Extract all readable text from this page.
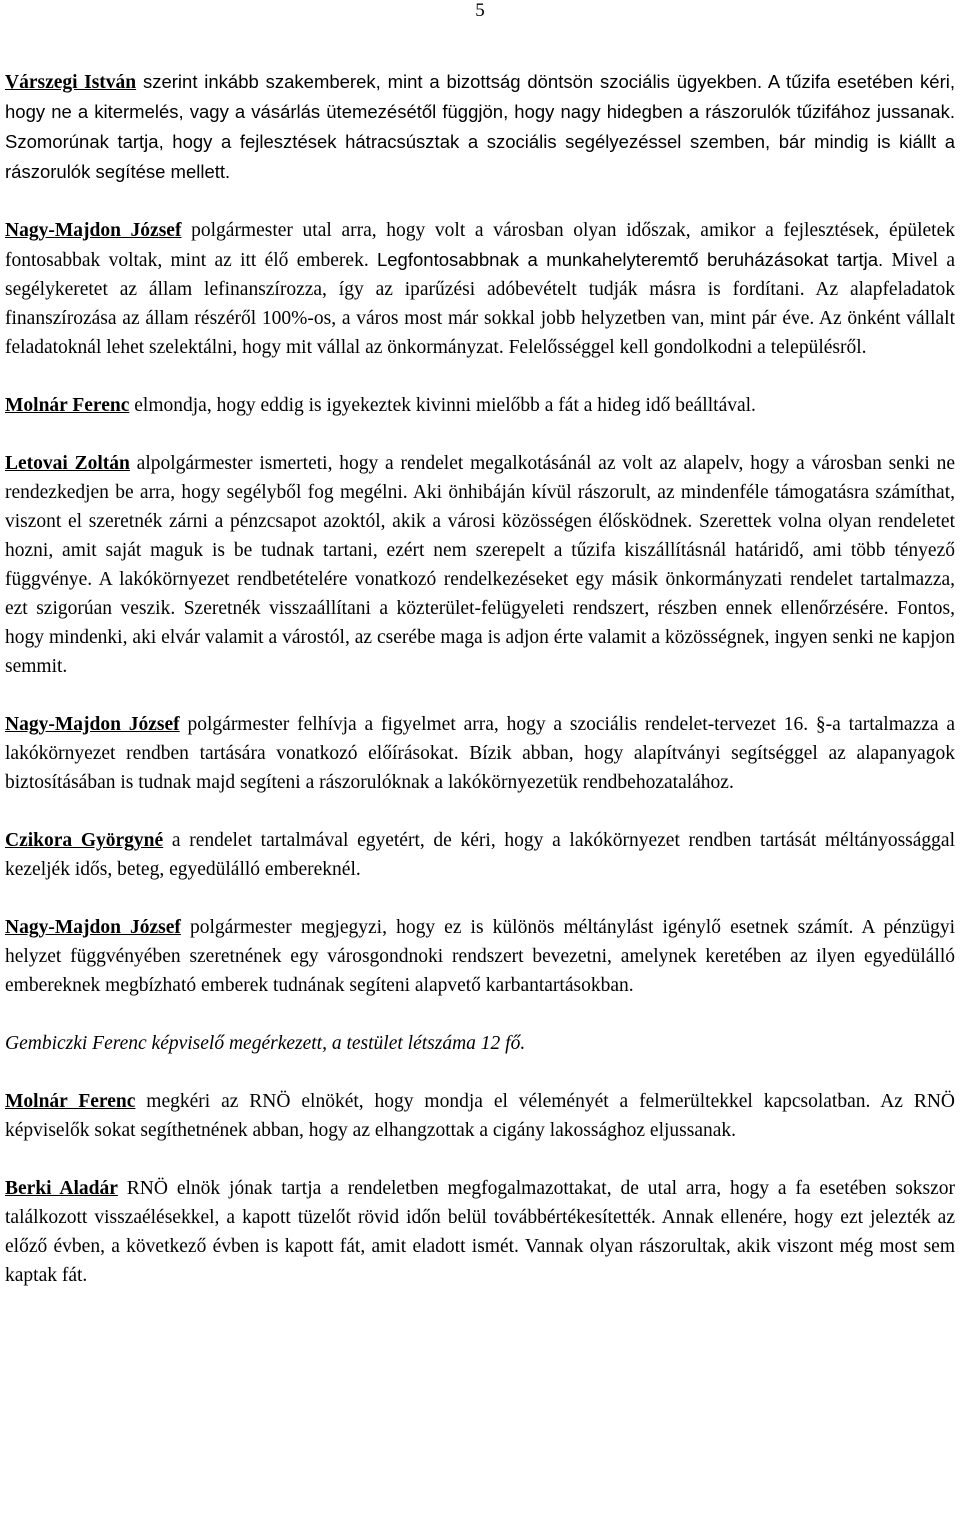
5

Várszegi István szerint inkább szakemberek, mint a bizottság döntsön szociális ügyekben. A tűzifa esetében kéri, hogy ne a kitermelés, vagy a vásárlás ütemezésétől függjön, hogy nagy hidegben a rászorulók tűzifához jussanak. Szomorúnak tartja, hogy a fejlesztések hátracsúsztak a szociális segélyezéssel szemben, bár mindig is kiállt a rászorulók segítése mellett.

Nagy-Majdon József polgármester utal arra, hogy volt a városban olyan időszak, amikor a fejlesztések, épületek fontosabbak voltak, mint az itt élő emberek. Legfontosabbnak a munkahelyteremtő beruházásokat tartja. Mivel a segélykeretet az állam lefinanszírozza, így az iparűzési adóbevételt tudják másra is fordítani. Az alapfeladatok finanszírozása az állam részéről 100%-os, a város most már sokkal jobb helyzetben van, mint pár éve. Az önként vállalt feladatoknál lehet szelektálni, hogy mit vállal az önkormányzat. Felelősséggel kell gondolkodni a településről.

Molnár Ferenc elmondja, hogy eddig is igyekeztek kivinni mielőbb a fát a hideg idő beálltával.

Letovai Zoltán alpolgármester ismerteti, hogy a rendelet megalkotásánál az volt az alapelv, hogy a városban senki ne rendezkedjen be arra, hogy segélyből fog megélni. Aki önhibáján kívül rászorult, az mindenféle támogatásra számíthat, viszont el szeretnék zárni a pénzcsapot azoktól, akik a városi közösségen élősködnek. Szerettek volna olyan rendeletet hozni, amit saját maguk is be tudnak tartani, ezért nem szerepelt a tűzifa kiszállításnál határidő, ami több tényező függvénye. A lakókörnyezet rendbetételére vonatkozó rendelkezéseket egy másik önkormányzati rendelet tartalmazza, ezt szigorúan veszik. Szeretnék visszaállítani a közterület-felügyeleti rendszert, részben ennek ellenőrzésére. Fontos, hogy mindenki, aki elvár valamit a várostól, az cserébe maga is adjon érte valamit a közösségnek, ingyen senki ne kapjon semmit.

Nagy-Majdon József polgármester felhívja a figyelmet arra, hogy a szociális rendelet-tervezet 16. §-a tartalmazza a lakókörnyezet rendben tartására vonatkozó előírásokat. Bízik abban, hogy alapítványi segítséggel az alapanyagok biztosításában is tudnak majd segíteni a rászorulóknak a lakókörnyezetük rendbehozatalához.

Czikora Györgyné a rendelet tartalmával egyetért, de kéri, hogy a lakókörnyezet rendben tartását méltányossággal kezeljék idős, beteg, egyedülálló embereknél.

Nagy-Majdon József polgármester megjegyzi, hogy ez is különös méltánylást igénylő esetnek számít. A pénzügyi helyzet függvényében szeretnének egy városgondnoki rendszert bevezetni, amelynek keretében az ilyen egyedülálló embereknek megbízható emberek tudnának segíteni alapvető karbantartásokban.

Gembiczki Ferenc képviselő megérkezett, a testület létszáma 12 fő.

Molnár Ferenc megkéri az RNÖ elnökét, hogy mondja el véleményét a felmerültekkel kapcsolatban. Az RNÖ képviselők sokat segíthetnének abban, hogy az elhangzottak a cigány lakossághoz eljussanak.

Berki Aladár RNÖ elnök jónak tartja a rendeletben megfogalmazottakat, de utal arra, hogy a fa esetében sokszor találkozott visszaélésekkel, a kapott tüzelőt rövid időn belül továbbértékesítették. Annak ellenére, hogy ezt jelezték az előző évben, a következő évben is kapott fát, amit eladott ismét. Vannak olyan rászorultak, akik viszont még most sem kaptak fát.
